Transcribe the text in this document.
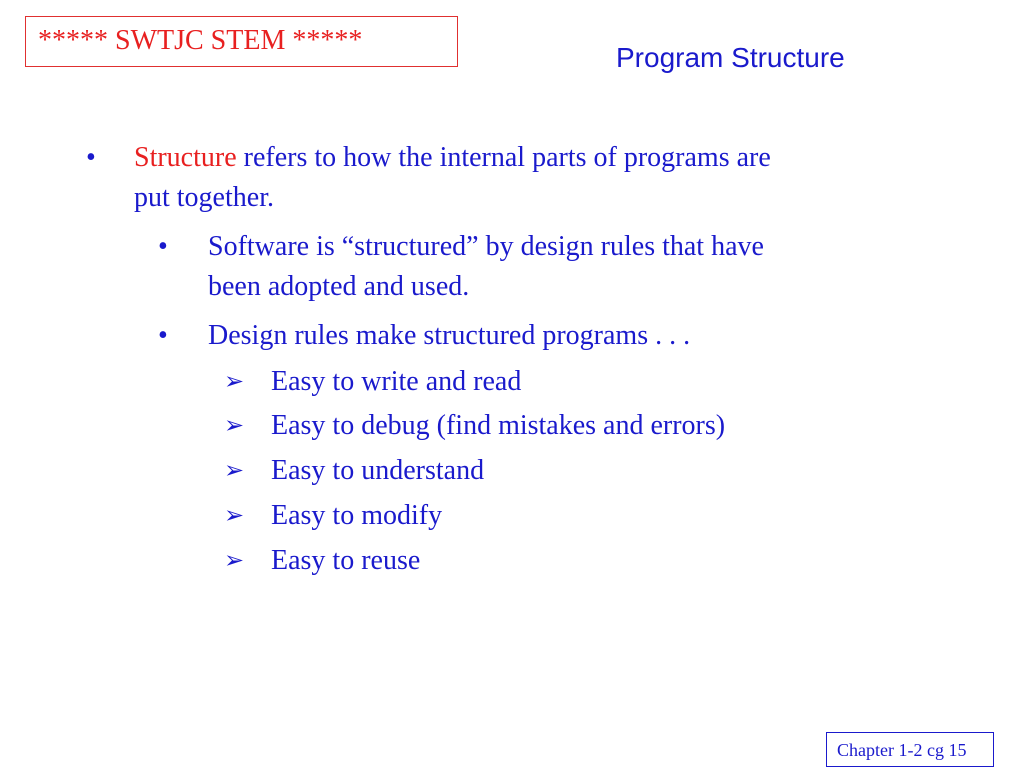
***** SWTJC STEM *****
Program Structure
• Structure refers to how the internal parts of programs are
put together.
• Software is “structured” by design rules that have
been adopted and used.
• Design rules make structured programs . . .
➢ Easy to write and read
➢ Easy to debug (find mistakes and errors)
➢ Easy to understand
➢ Easy to modify
➢ Easy to reuse
Chapter 1-2 cg 15
